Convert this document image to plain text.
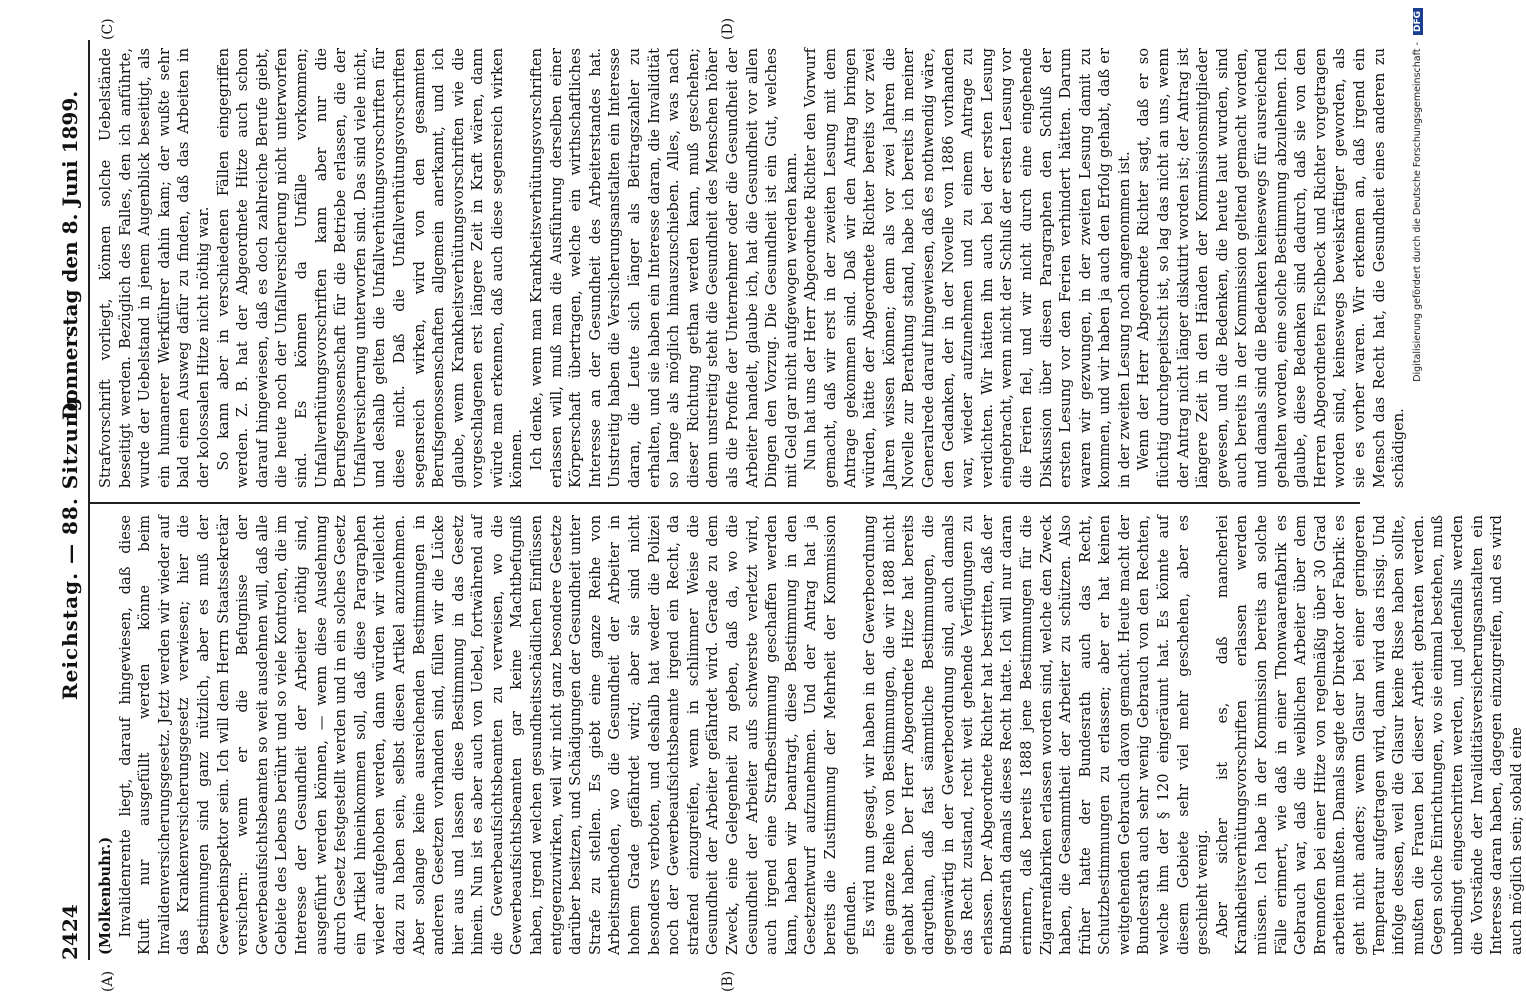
2424
Reichstag. — 88. Sitzung.
Donnerstag den 8. Juni 1899.
(A)	(B)
(C)	(D)

(Molkenbuhr.) Invalidenrente liegt, darauf hingewiesen, daß diese Kluft nur ausgefüllt werden könne beim Invalidenversicherungsgesetz. Jetzt werden wir wieder auf das Krankenversicherungsgesetz verwiesen; hier die Bestimmungen sind ganz nützlich, aber es muß der Gewerbeinspektor sein. Ich will dem Herrn Staatssekretär versichern: wenn er die Befugnisse der Gewerbeaufsichtsbeamten so weit ausdehnen will, daß alle Gebiete des Lebens berührt und so viele Kontrolen, die im Interesse der Gesundheit der Arbeiter nöthig sind, ausgeführt werden können, — wenn diese Ausdehnung durch Gesetz festgestellt werden und in ein solches Gesetz ein Artikel hineinkommen soll, daß diese Paragraphen wieder aufgehoben werden, dann würden wir vielleicht dazu zu haben sein, selbst diesen Artikel anzunehmen. Aber solange keine ausreichenden Bestimmungen in anderen Gesetzen vorhanden sind, füllen wir die Lücke hier aus und lassen diese Bestimmung in das Gesetz hinein. Nun ist es aber auch von Uebel, fortwährend auf die Gewerbeaufsichtsbeamten zu verweisen, wo die Gewerbeaufsichtsbeamten gar keine Machtbefugniß haben, irgend welchen gesundheitsschädlichen Einflüssen entgegenzuwirken, weil wir nicht ganz besondere Gesetze darüber besitzen, und Schädigungen der Gesundheit unter Strafe zu stellen. Es giebt eine ganze Reihe von Arbeitsmethoden, wo die Gesundheit der Arbeiter in hohem Grade gefährdet wird; aber sie sind nicht besonders verboten, und deshalb hat weder die Polizei noch der Gewerbeaufsichtsbeamte irgend ein Recht, da strafend einzugreifen, wenn in schlimmer Weise die Gesundheit der Arbeiter gefährdet wird. Gerade zu dem Zweck, eine Gelegenheit zu geben, daß da, wo die Gesundheit der Arbeiter aufs schwerste verletzt wird, auch irgend eine Strafbestimmung geschaffen werden kann, haben wir beantragt, diese Bestimmung in den Gesetzentwurf aufzunehmen. Und der Antrag hat ja bereits die Zustimmung der Mehrheit der Kommission gefunden. Es wird nun gesagt, wir haben in der Gewerbeordnung eine ganze Reihe von Bestimmungen, die wir 1888 nicht gehabt haben. Der Herr Abgeordnete Hitze hat bereits dargethan, daß fast sämmtliche Bestimmungen, die gegenwärtig in der Gewerbeordnung sind, auch damals das Recht zustand, recht weit gehende Verfügungen zu erlassen. Der Abgeordnete Richter hat bestritten, daß der Bundesrath damals dieses Recht hatte. Ich will nur daran erinnern, daß bereits 1888 jene Bestimmungen für die Zigarrenfabriken erlassen worden sind, welche den Zweck haben, die Gesammtheit der Arbeiter zu schützen. Also früher hatte der Bundesrath auch das Recht, Schutzbestimmungen zu erlassen; aber er hat keinen weitgehenden Gebrauch davon gemacht. Heute macht der Bundesrath auch sehr wenig Gebrauch von den Rechten, welche ihm der § 120 eingeräumt hat. Es könnte auf diesem Gebiete sehr viel mehr geschehen, aber es geschieht wenig. Aber sicher ist es, daß mancherlei Krankheitsverhütungsvorschriften erlassen werden müssen. Ich habe in der Kommission bereits an solche Fälle erinnert, wie daß in einer Thonwaarenfabrik es Gebrauch war, daß die weiblichen Arbeiter über dem Brennofen bei einer Hitze von regelmäßig über 30 Grad arbeiten mußten. Damals sagte der Direktor der Fabrik: es geht nicht anders; wenn Glasur bei einer geringeren Temperatur aufgetragen wird, dann wird das rissig. Und infolge dessen, weil die Glasur keine Risse haben sollte, mußten die Frauen bei dieser Arbeit gebraten werden. Gegen solche Einrichtungen, wo sie einmal bestehen, muß unbedingt eingeschritten werden, und jedenfalls werden die Vorstände der Invaliditätsversicherungsanstalten ein Interesse daran haben, dagegen einzugreifen, und es wird auch möglich sein; sobald eine

Strafvorschrift vorliegt, können solche Uebelstände beseitigt werden. Bezüglich des Falles, den ich anführte, wurde der Uebelstand in jenem Augenblick beseitigt, als ein humanerer Werkführer dahin kam; der wußte sehr bald einen Ausweg dafür zu finden, daß das Arbeiten in der kolossalen Hitze nicht nöthig war. So kann aber in verschiedenen Fällen eingegriffen werden. Z. B. hat der Abgeordnete Hitze auch schon darauf hingewiesen, daß es doch zahlreiche Berufe giebt, die heute noch der Unfallversicherung nicht unterworfen sind. Es können da Unfälle vorkommen; Unfallverhütungsvorschriften kann aber nur die Berufsgenossenschaft für die Betriebe erlassen, die der Unfallversicherung unterworfen sind. Das sind viele nicht, und deshalb gelten die Unfallverhütungsvorschriften für diese nicht. Daß die Unfallverhütungsvorschriften segensreich wirken, wird von den gesammten Berufsgenossenschaften allgemein anerkannt, und ich glaube, wenn Krankheitsverhütungsvorschriften wie die vorgeschlagenen erst längere Zeit in Kraft wären, dann würde man erkennen, daß auch diese segensreich wirken können. Ich denke, wenn man Krankheitsverhütungsvorschriften erlassen will, muß man die Ausführung derselben einer Körperschaft übertragen, welche ein wirthschaftliches Interesse an der Gesundheit des Arbeiterstandes hat. Unstreitig haben die Versicherungsanstalten ein Interesse daran, die Leute sich länger als Beitragszahler zu erhalten, und sie haben ein Interesse daran, die Invalidität so lange als möglich hinauszuschieben. Alles, was nach dieser Richtung gethan werden kann, muß geschehen; denn unstreitig steht die Gesundheit des Menschen höher als die Profite der Unternehmer oder die Gesundheit der Arbeiter handelt, glaube ich, hat die Gesundheit vor allen Dingen den Vorzug. Die Gesundheit ist ein Gut, welches mit Geld gar nicht aufgewogen werden kann. Nun hat uns der Herr Abgeordnete Richter den Vorwurf gemacht, daß wir erst in der zweiten Lesung mit dem Antrage gekommen sind. Daß wir den Antrag bringen würden, hätte der Abgeordnete Richter bereits vor zwei Jahren wissen können; denn als vor zwei Jahren die Novelle zur Berathung stand, habe ich bereits in meiner Generalrede darauf hingewiesen, daß es nothwendig wäre, den Gedanken, der in der Novelle von 1886 vorhanden war, wieder aufzunehmen und zu einem Antrage zu verdichten. Wir hätten ihn auch bei der ersten Lesung eingebracht, wenn nicht der Schluß der ersten Lesung vor die Ferien fiel, und wir nicht durch eine eingehende Diskussion über diesen Paragraphen den Schluß der ersten Lesung vor den Ferien verhindert hätten. Darum waren wir gezwungen, in der zweiten Lesung damit zu kommen, und wir haben ja auch den Erfolg gehabt, daß er in der zweiten Lesung noch angenommen ist. Wenn der Herr Abgeordnete Richter sagt, daß er so flüchtig durchgepeitscht ist, so lag das nicht an uns, wenn der Antrag nicht länger diskutirt worden ist; der Antrag ist längere Zeit in den Händen der Kommissionsmitglieder gewesen, und die Bedenken, die heute laut wurden, sind auch bereits in der Kommission geltend gemacht worden, und damals sind die Bedenken keineswegs für ausreichend gehalten worden, eine solche Bestimmung abzulehnen. Ich glaube, diese Bedenken sind dadurch, daß sie von den Herren Abgeordneten Fischbeck und Richter vorgetragen worden sind, keineswegs beweiskräftiger geworden, als sie es vorher waren. Wir erkennen an, daß irgend ein Mensch das Recht hat, die Gesundheit eines anderen zu schädigen.

Digitalisierung gefördert durch die Deutsche Forschungsgemeinschaft - DFG
